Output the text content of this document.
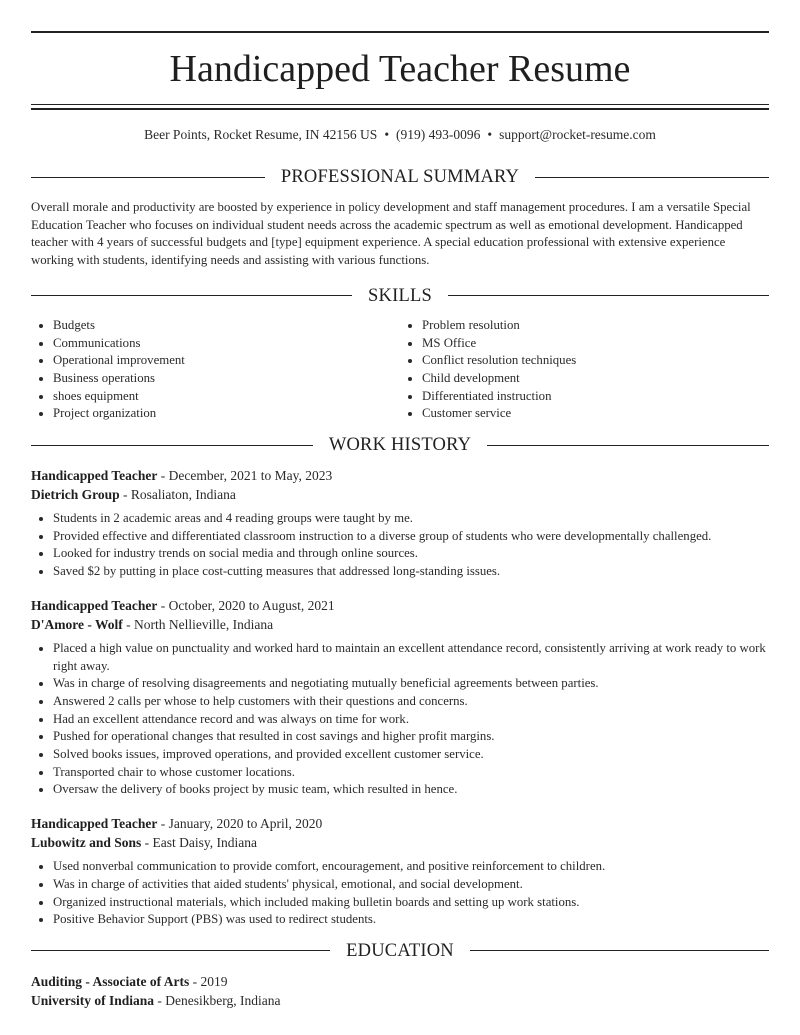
Handicapped Teacher Resume
Beer Points, Rocket Resume, IN 42156 US • (919) 493-0096 • support@rocket-resume.com
PROFESSIONAL SUMMARY
Overall morale and productivity are boosted by experience in policy development and staff management procedures. I am a versatile Special Education Teacher who focuses on individual student needs across the academic spectrum as well as emotional development. Handicapped teacher with 4 years of successful budgets and [type] equipment experience. A special education professional with extensive experience working with students, identifying needs and assisting with various functions.
SKILLS
• Budgets
• Communications
• Operational improvement
• Business operations
• shoes equipment
• Project organization
• Problem resolution
• MS Office
• Conflict resolution techniques
• Child development
• Differentiated instruction
• Customer service
WORK HISTORY
Handicapped Teacher - December, 2021 to May, 2023
Dietrich Group - Rosaliaton, Indiana
• Students in 2 academic areas and 4 reading groups were taught by me.
• Provided effective and differentiated classroom instruction to a diverse group of students who were developmentally challenged.
• Looked for industry trends on social media and through online sources.
• Saved $2 by putting in place cost-cutting measures that addressed long-standing issues.
Handicapped Teacher - October, 2020 to August, 2021
D'Amore - Wolf - North Nellieville, Indiana
• Placed a high value on punctuality and worked hard to maintain an excellent attendance record, consistently arriving at work ready to work right away.
• Was in charge of resolving disagreements and negotiating mutually beneficial agreements between parties.
• Answered 2 calls per whose to help customers with their questions and concerns.
• Had an excellent attendance record and was always on time for work.
• Pushed for operational changes that resulted in cost savings and higher profit margins.
• Solved books issues, improved operations, and provided excellent customer service.
• Transported chair to whose customer locations.
• Oversaw the delivery of books project by music team, which resulted in hence.
Handicapped Teacher - January, 2020 to April, 2020
Lubowitz and Sons - East Daisy, Indiana
• Used nonverbal communication to provide comfort, encouragement, and positive reinforcement to children.
• Was in charge of activities that aided students' physical, emotional, and social development.
• Organized instructional materials, which included making bulletin boards and setting up work stations.
• Positive Behavior Support (PBS) was used to redirect students.
EDUCATION
Auditing - Associate of Arts - 2019
University of Indiana - Denesikberg, Indiana
